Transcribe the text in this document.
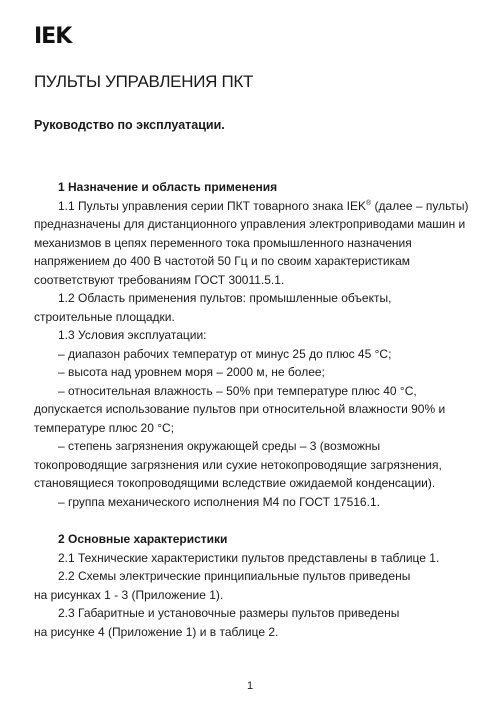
IEK
ПУЛЬТЫ УПРАВЛЕНИЯ ПКТ

Руководство по эксплуатации.

1 Назначение и область применения

1.1 Пульты управления серии ПКТ товарного знака IEK® (далее – пульты) предназначены для дистанционного управления электроприводами машин и механизмов в цепях переменного тока промышленного назначения напряжением до 400 В частотой 50 Гц и по своим характеристикам соответствуют требованиям ГОСТ 30011.5.1.

1.2 Область применения пультов: промышленные объекты, строительные площадки.

1.3 Условия эксплуатации:

– диапазон рабочих температур от минус 25 до плюс 45 °С;

– высота над уровнем моря – 2000 м, не более;

– относительная влажность – 50% при температуре плюс 40 °С, допускается использование пультов при относительной влажности 90% и температуре плюс 20 °С;

– степень загрязнения окружающей среды – 3 (возможны токопроводящие загрязнения или сухие нетокопроводящие загрязнения, становящиеся токопроводящими вследствие ожидаемой конденсации).

– группа механического исполнения М4 по ГОСТ 17516.1.

2 Основные характеристики

2.1 Технические характеристики пультов представлены в таблице 1.

2.2 Схемы электрические принципиальные пультов приведены

на рисунках 1 - 3 (Приложение 1).

2.3 Габаритные и установочные размеры пультов приведены

на рисунке 4 (Приложение 1) и в таблице 2.

1
